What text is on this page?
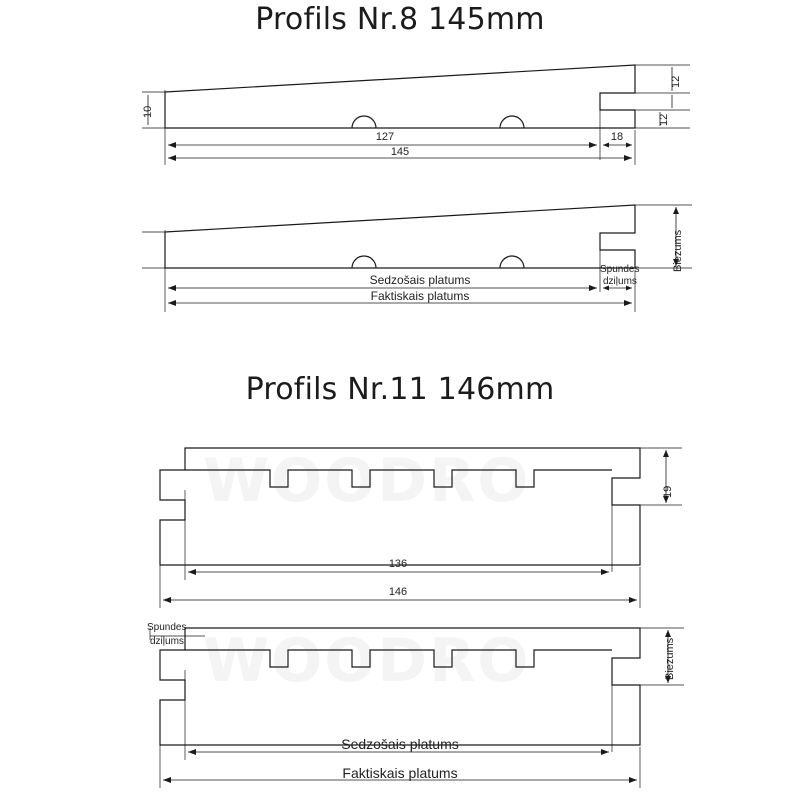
Profils Nr.8 145mm
Profils Nr.11 146mm
WOODRO
WOODRO
10
12
12
127
145
18
Sedzošais platums
Faktiskais platums
Spundes
dziļums
Biezums
19
136
146
Spundes
dziļums	Biezums
Sedzošais platums
Faktiskais platums
